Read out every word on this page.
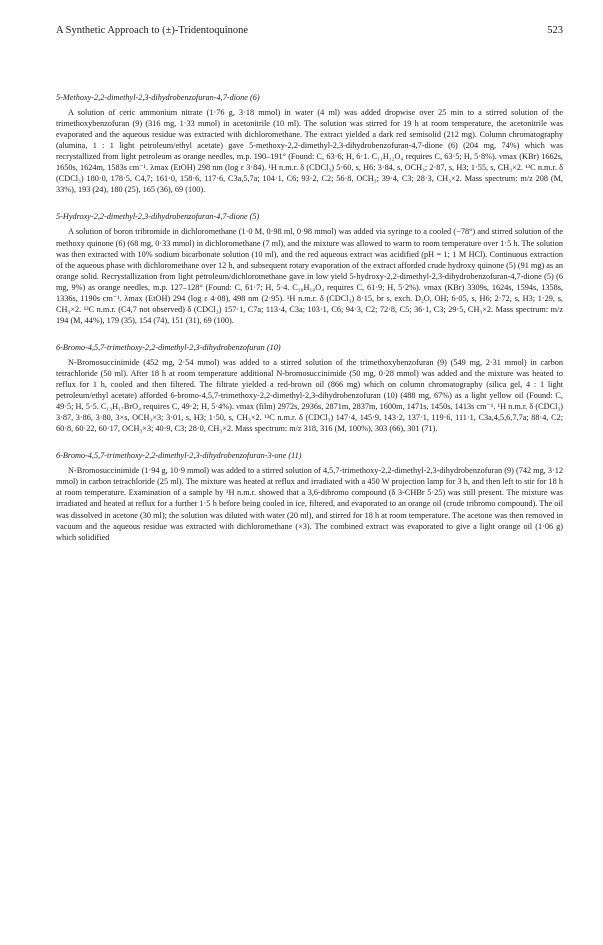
A Synthetic Approach to (±)-Tridentoquinone	523

5-Methoxy-2,2-dimethyl-2,3-dihydrobenzofuran-4,7-dione (6)

A solution of ceric ammonium nitrate (1·76 g, 3·18 mmol) in water (4 ml) was added dropwise over 25 min to a stirred solution of the trimethoxybenzofuran (9) (316 mg, 1·33 mmol) in acetonitrile (10 ml). The solution was stirred for 19 h at room temperature, the acetonitrile was evaporated and the aqueous residue was extracted with dichloromethane. The extract yielded a dark red semisolid (212 mg). Column chromatography (alumina, 1 : 1 light petroleum/ethyl acetate) gave 5-methoxy-2,2-dimethyl-2,3-dihydrobenzofuran-4,7-dione (6) (204 mg, 74%) which was recrystallized from light petroleum as orange needles, m.p. 190–191° (Found: C, 63·6; H, 6·1. C₁₁H₁₂O₄ requires C, 63·5; H, 5·8%). νmax (KBr) 1662s, 1650s, 1624m, 1583s cm⁻¹. λmax (EtOH) 298 nm (log ε 3·84). ¹H n.m.r. δ (CDCl₃) 5·60, s, H6; 3·84, s, OCH₃; 2·87, s, H3; 1·55, s, CH₃×2. ¹³C n.m.r. δ (CDCl₃) 180·0, 178·5, C4,7; 161·0, 158·6, 117·6, C3a,5,7a; 104·1, C6; 93·2, C2; 56·8, OCH₃; 39·4, C3; 28·3, CH₃×2. Mass spectrum: m/z 208 (M, 33%), 193 (24), 180 (25), 165 (36), 69 (100).

5-Hydroxy-2,2-dimethyl-2,3-dihydrobenzofuran-4,7-dione (5)

A solution of boron tribromide in dichloromethane (1·0 M, 0·98 ml, 0·98 mmol) was added via syringe to a cooled (−78°) and stirred solution of the methoxy quinone (6) (68 mg, 0·33 mmol) in dichloromethane (7 ml), and the mixture was allowed to warm to room temperature over 1·5 h. The solution was then extracted with 10% sodium bicarbonate solution (10 ml), and the red aqueous extract was acidified (pH = 1; 1 M HCl). Continuous extraction of the aqueous phase with dichloromethane over 12 h, and subsequent rotary evaporation of the extract afforded crude hydroxy quinone (5) (91 mg) as an orange solid. Recrystallization from light petroleum/dichloromethane gave in low yield 5-hydroxy-2,2-dimethyl-2,3-dihydrobenzofuran-4,7-dione (5) (6 mg, 9%) as orange needles, m.p. 127–128° (Found: C, 61·7; H, 5·4. C₁₀H₁₀O₄ requires C, 61·9; H, 5·2%). νmax (KBr) 3309s, 1624s, 1594s, 1358s, 1336s, 1190s cm⁻¹. λmax (EtOH) 294 (log ε 4·08), 498 nm (2·95). ¹H n.m.r. δ (CDCl₃) 8·15, br s, exch. D₂O, OH; 6·05, s, H6; 2·72, s, H3; 1·29, s, CH₃×2. ¹³C n.m.r. (C4,7 not observed) δ (CDCl₃) 157·1, C7a; 113·4, C3a; 103·1, C6; 94·3, C2; 72·8, C5; 36·1, C3; 29·5, CH₃×2. Mass spectrum: m/z 194 (M, 44%), 179 (35), 154 (74), 151 (31), 69 (100).

6-Bromo-4,5,7-trimethoxy-2,2-dimethyl-2,3-dihydrobenzofuran (10)

N-Bromosuccinimide (452 mg, 2·54 mmol) was added to a stirred solution of the trimethoxybenzofuran (9) (549 mg, 2·31 mmol) in carbon tetrachloride (50 ml). After 18 h at room temperature additional N-bromosuccinimide (50 mg, 0·28 mmol) was added and the mixture was heated to reflux for 1 h, cooled and then filtered. The filtrate yielded a red-brown oil (866 mg) which on column chromatography (silica gel, 4 : 1 light petroleum/ethyl acetate) afforded 6-bromo-4,5,7-trimethoxy-2,2-dimethyl-2,3-dihydrobenzofuran (10) (488 mg, 67%) as a light yellow oil (Found: C, 49·5; H, 5·5. C₁₃H₁₇BrO₄ requires C, 49·2; H, 5·4%). νmax (film) 2972s, 2936s, 2871m, 2837m, 1600m, 1471s, 1450s, 1413s cm⁻¹. ¹H n.m.r. δ (CDCl₃) 3·87, 3·86, 3·80, 3×s, OCH₃×3; 3·01, s, H3; 1·50, s, CH₃×2. ¹³C n.m.r. δ (CDCl₃) 147·4, 145·9, 143·2, 137·1, 119·6, 111·1, C3a,4,5,6,7,7a; 88·4, C2; 60·8, 60·22, 60·17, OCH₃×3; 40·9, C3; 28·0, CH₃×2. Mass spectrum: m/z 318, 316 (M, 100%), 303 (66), 301 (71).

6-Bromo-4,5,7-trimethoxy-2,2-dimethyl-2,3-dihydrobenzofuran-3-one (11)

N-Bromosuccinimide (1·94 g, 10·9 mmol) was added to a stirred solution of 4,5,7-trimethoxy-2,2-dimethyl-2,3-dihydrobenzofuran (9) (742 mg, 3·12 mmol) in carbon tetrachloride (25 ml). The mixture was heated at reflux and irradiated with a 450 W projection lamp for 3 h, and then left to stir for 18 h at room temperature. Examination of a sample by ¹H n.m.r. showed that a 3,6-dibromo compound (δ 3-CHBr 5·25) was still present. The mixture was irradiated and heated at reflux for a further 1·5 h before being cooled in ice, filtered, and evaporated to an orange oil (crude tribromo compound). The oil was dissolved in acetone (30 ml); the solution was diluted with water (20 ml), and stirred for 18 h at room temperature. The acetone was then removed in vacuum and the aqueous residue was extracted with dichloromethane (×3). The combined extract was evaporated to give a light orange oil (1·06 g) which solidified
